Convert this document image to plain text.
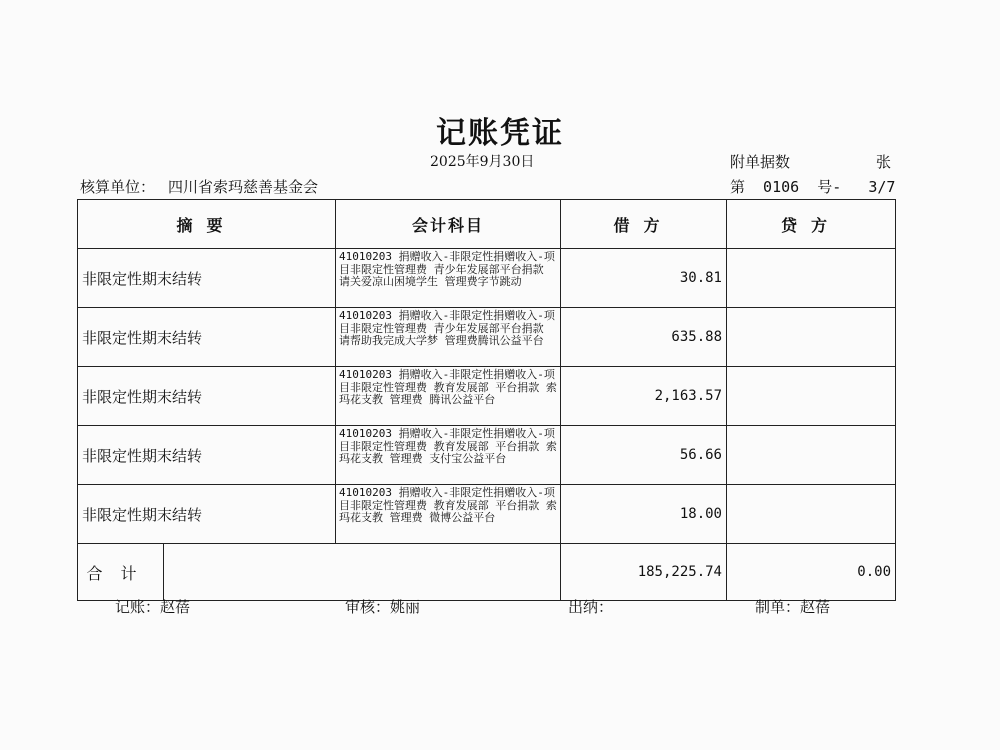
记账凭证
2025年9月30日	附单据数	张
核算单位： 四川省索玛慈善基金会	第  0106  号-   3/7
摘要	会计科目	借方	贷方
非限定性期末结转	41010203 捐赠收入-非限定性捐赠收入-项目非限定性管理费 青少年发展部平台捐款 请关爱凉山困境学生 管理费字节跳动	30.81	
非限定性期末结转	41010203 捐赠收入-非限定性捐赠收入-项目非限定性管理费 青少年发展部平台捐款 请帮助我完成大学梦 管理费腾讯公益平台	635.88	
非限定性期末结转	41010203 捐赠收入-非限定性捐赠收入-项目非限定性管理费 教育发展部 平台捐款 索玛花支教 管理费 腾讯公益平台	2,163.57	
非限定性期末结转	41010203 捐赠收入-非限定性捐赠收入-项目非限定性管理费 教育发展部 平台捐款 索玛花支教 管理费 支付宝公益平台	56.66	
非限定性期末结转	41010203 捐赠收入-非限定性捐赠收入-项目非限定性管理费 教育发展部 平台捐款 索玛花支教 管理费 微博公益平台	18.00	

合计		185,225.74	0.00
记账：赵蓓	审核：姚丽	出纳：	制单：赵蓓
